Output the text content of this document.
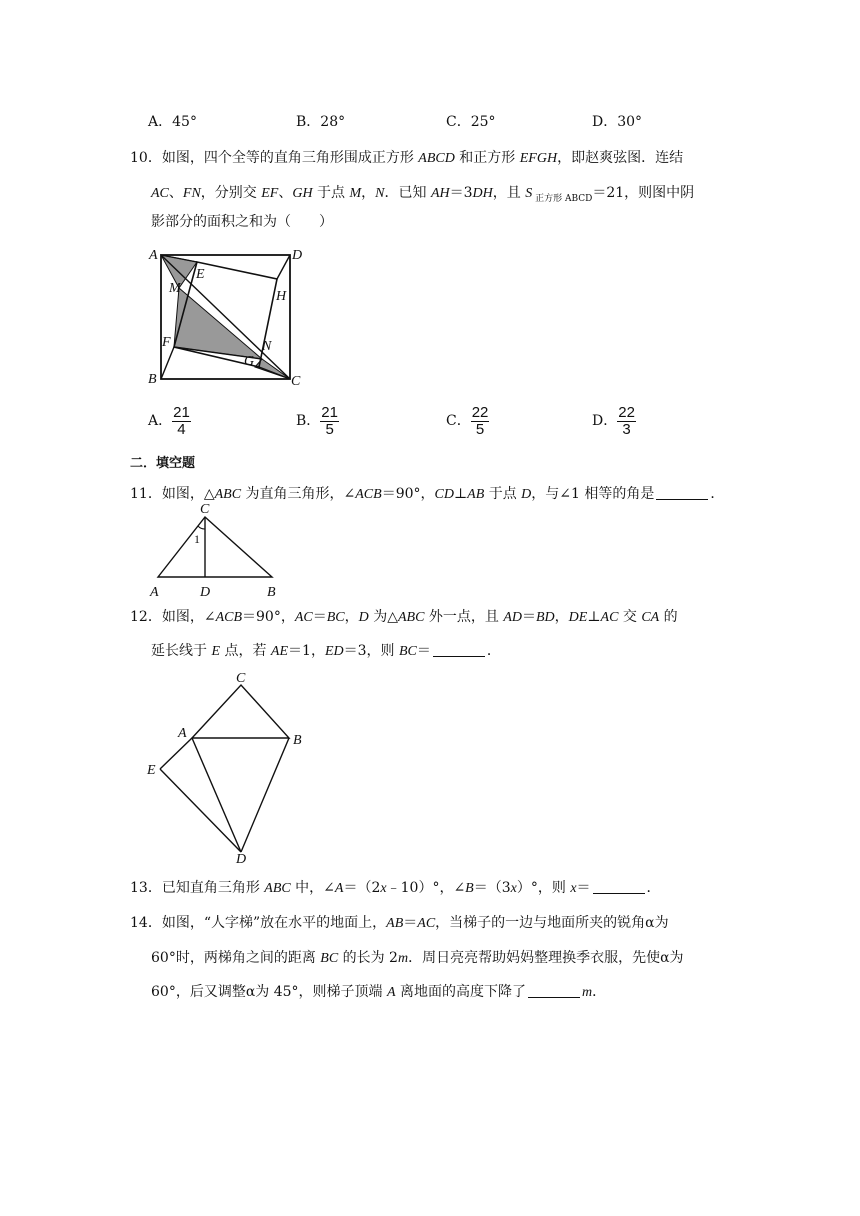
A．45°	B．28°	C．25°	D．30°
10．如图，四个全等的直角三角形围成正方形 ABCD 和正方形 EFGH，即赵爽弦图．连结
AC、FN，分别交 EF、GH 于点 M，N．已知 AH＝3DH，且 S $_{正方形 ABCD}$＝21，则图中阴
影部分的面积之和为（　　）
A	D
E
M
H
F	N
G
B	C
A． $\frac{21}{4}$	B． $\frac{21}{5}$	C． $\frac{22}{5}$	D． $\frac{22}{3}$
二．填空题
11．如图，△ABC 为直角三角形，∠ACB＝90°，CD⊥AB 于点 D，与∠1 相等的角是	．
C
1
A	D	B
12．如图，∠ACB＝90°，AC＝BC，D 为△ABC 外一点，且 AD＝BD，DE⊥AC 交 CA 的
延长线于 E 点，若 AE＝1，ED＝3，则 BC＝	．
C
A	B
E
D
13．已知直角三角形 ABC 中，∠A＝（2x﹣10）°，∠B＝（3x）°，则 x＝	．
14．如图，“人字梯”放在水平的地面上，AB＝AC，当梯子的一边与地面所夹的锐角α为
60°时，两梯角之间的距离 BC 的长为 2m．周日亮亮帮助妈妈整理换季衣服，先使α为
60°，后又调整α为 45°，则梯子顶端 A 离地面的高度下降了	m．
